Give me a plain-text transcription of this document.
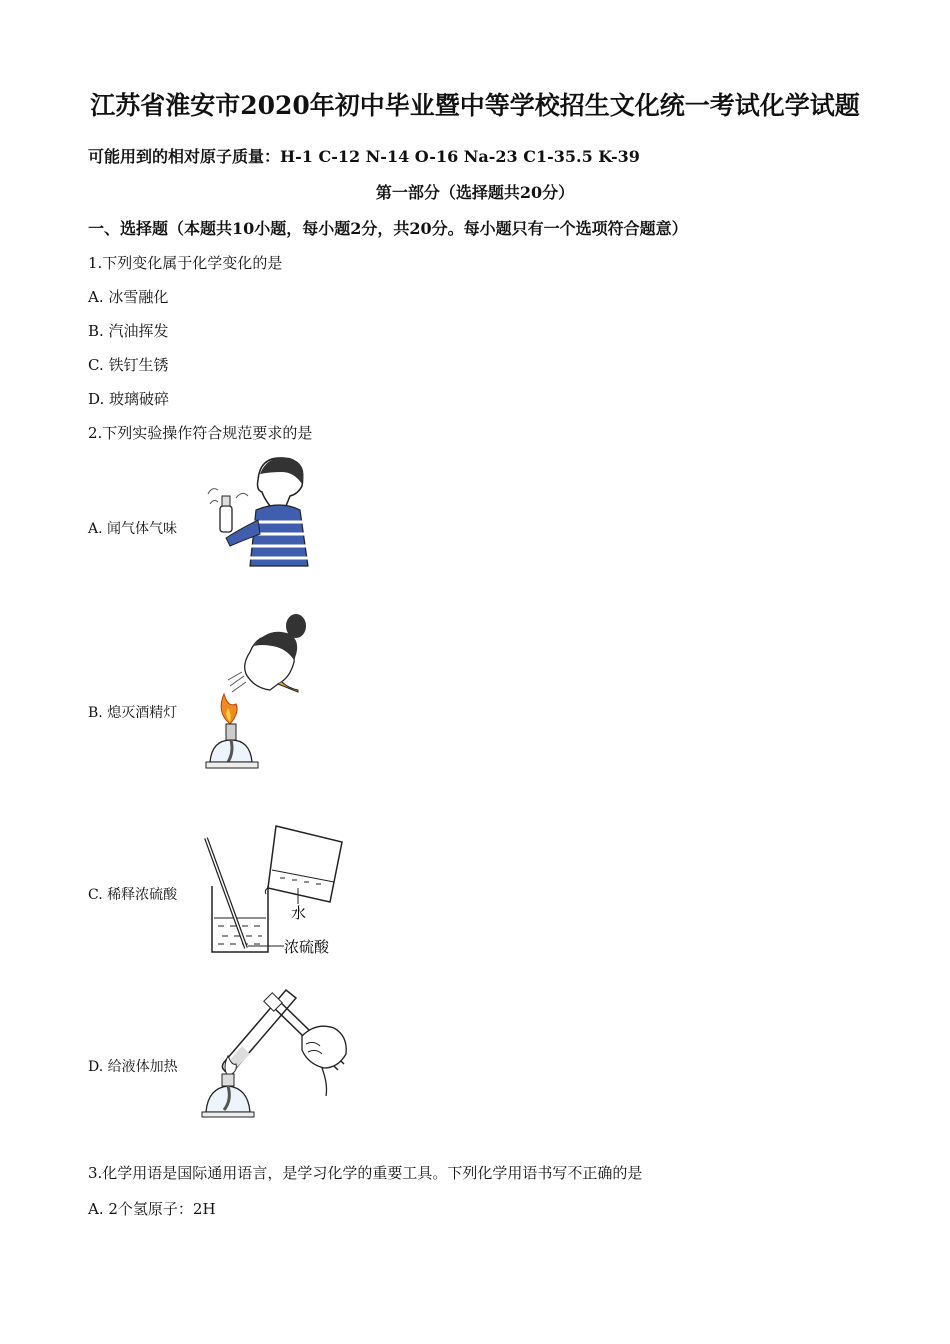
江苏省淮安市2020年初中毕业暨中等学校招生文化统一考试化学试题
可能用到的相对原子质量：H-1 C-12 N-14 O-16 Na-23 C1-35.5 K-39
第一部分（选择题共20分）
一、选择题（本题共10小题，每小题2分，共20分。每小题只有一个选项符合题意）
1.下列变化属于化学变化的是
A. 冰雪融化
B. 汽油挥发
C. 铁钉生锈
D. 玻璃破碎
2.下列实验操作符合规范要求的是
A. 闻气体气味
B. 熄灭酒精灯
C. 稀释浓硫酸
水
浓硫酸
D. 给液体加热
3.化学用语是国际通用语言，是学习化学的重要工具。下列化学用语书写不正确的是
A. 2个氢原子：2H
